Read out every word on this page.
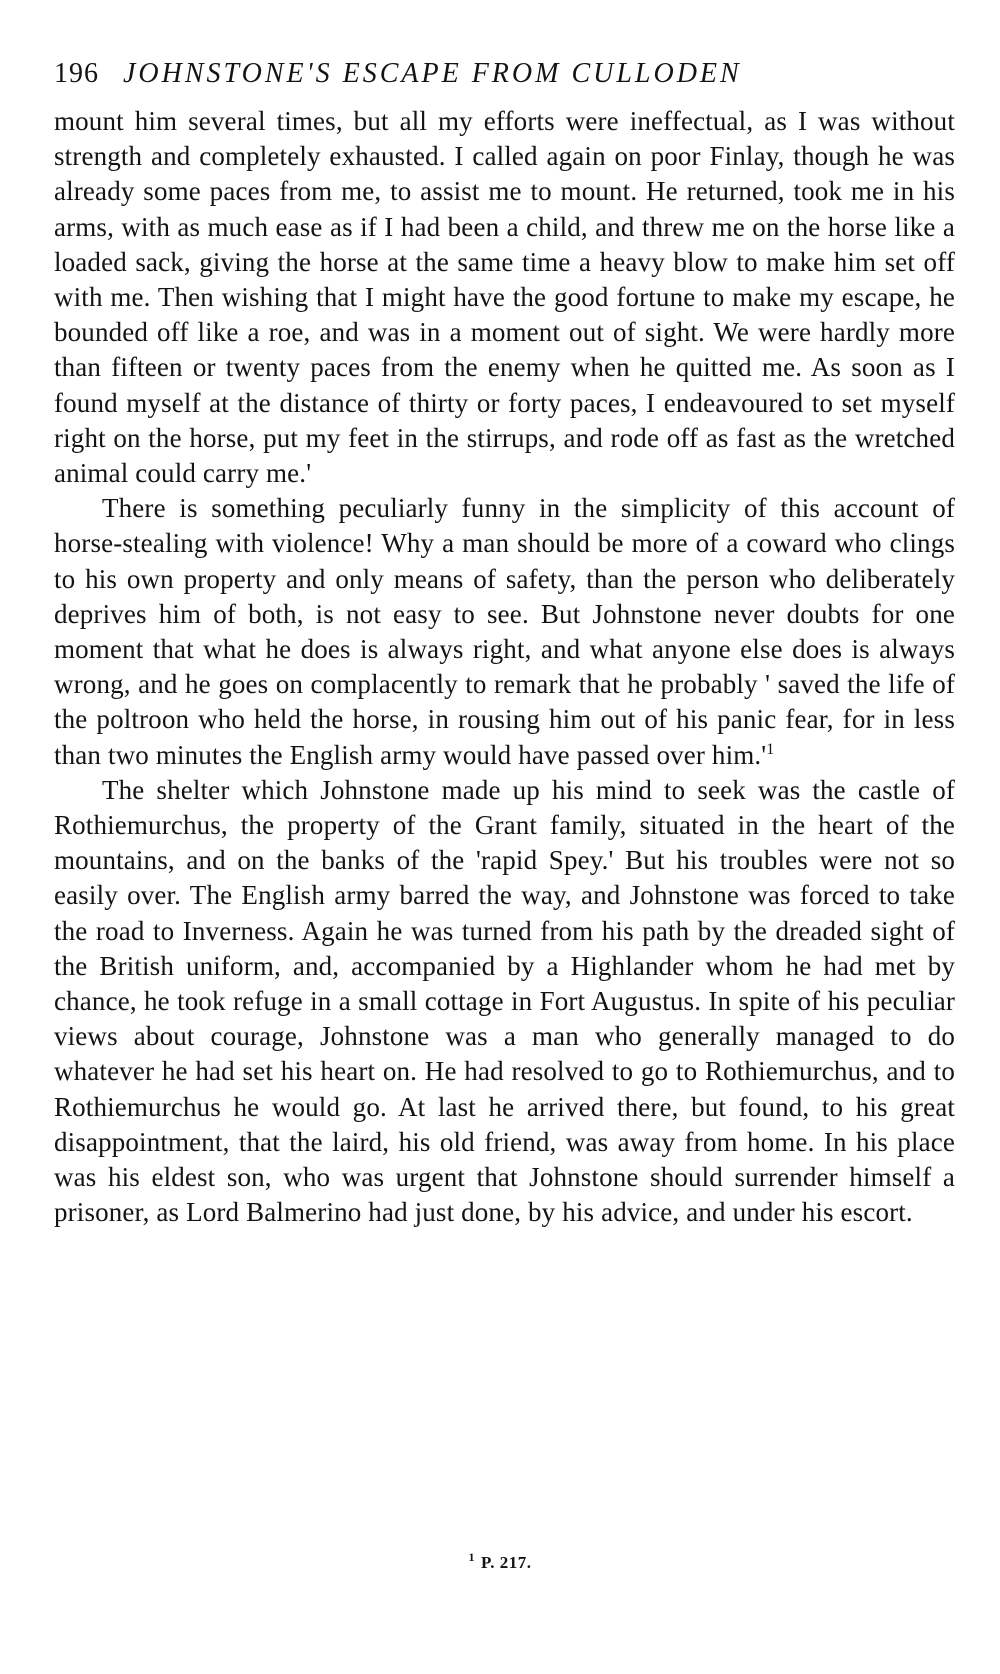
196 JOHNSTONE'S ESCAPE FROM CULLODEN

mount him several times, but all my efforts were ineffectual, as I was without strength and completely exhausted. I called again on poor Finlay, though he was already some paces from me, to assist me to mount. He returned, took me in his arms, with as much ease as if I had been a child, and threw me on the horse like a loaded sack, giving the horse at the same time a heavy blow to make him set off with me. Then wishing that I might have the good fortune to make my escape, he bounded off like a roe, and was in a moment out of sight. We were hardly more than fifteen or twenty paces from the enemy when he quitted me. As soon as I found myself at the distance of thirty or forty paces, I endeavoured to set myself right on the horse, put my feet in the stirrups, and rode off as fast as the wretched animal could carry me.'

There is something peculiarly funny in the simplicity of this account of horse-stealing with violence! Why a man should be more of a coward who clings to his own property and only means of safety, than the person who deliberately deprives him of both, is not easy to see. But Johnstone never doubts for one moment that what he does is always right, and what anyone else does is always wrong, and he goes on complacently to remark that he probably ' saved the life of the poltroon who held the horse, in rousing him out of his panic fear, for in less than two minutes the English army would have passed over him.'$^1$

The shelter which Johnstone made up his mind to seek was the castle of Rothiemurchus, the property of the Grant family, situated in the heart of the mountains, and on the banks of the 'rapid Spey.' But his troubles were not so easily over. The English army barred the way, and Johnstone was forced to take the road to Inverness. Again he was turned from his path by the dreaded sight of the British uniform, and, accompanied by a Highlander whom he had met by chance, he took refuge in a small cottage in Fort Augustus. In spite of his peculiar views about courage, Johnstone was a man who generally managed to do whatever he had set his heart on. He had resolved to go to Rothiemurchus, and to Rothiemurchus he would go. At last he arrived there, but found, to his great disappointment, that the laird, his old friend, was away from home. In his place was his eldest son, who was urgent that Johnstone should surrender himself a prisoner, as Lord Balmerino had just done, by his advice, and under his escort.

$^1$ P. 217.
